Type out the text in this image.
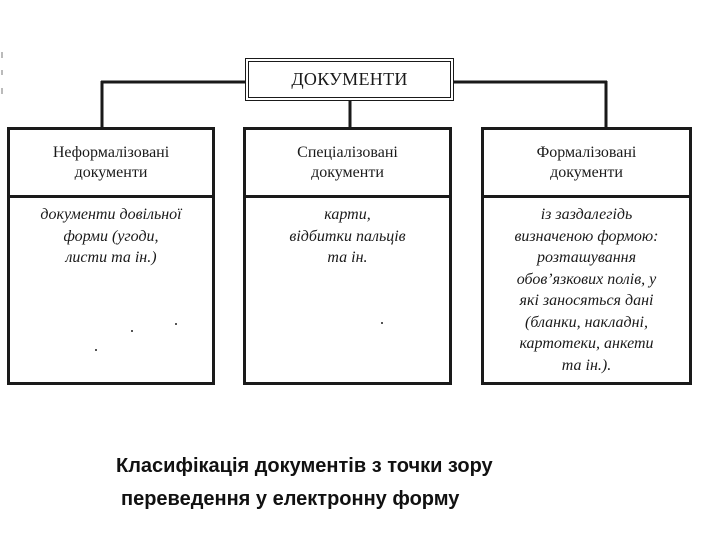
ДОКУМЕНТИ
Неформалізовані
документи
документи довільної
форми (угоди,
листи та ін.)
Спеціалізовані
документи
карти,
відбитки пальців
та ін.
Формалізовані
документи
із заздалегідь
визначеною формою:
розташування
обов’язкових полів, у
які заносяться дані
(бланки, накладні,
картотеки, анкети
та ін.).
Класифікація документів з точки зору
переведення у електронну форму
